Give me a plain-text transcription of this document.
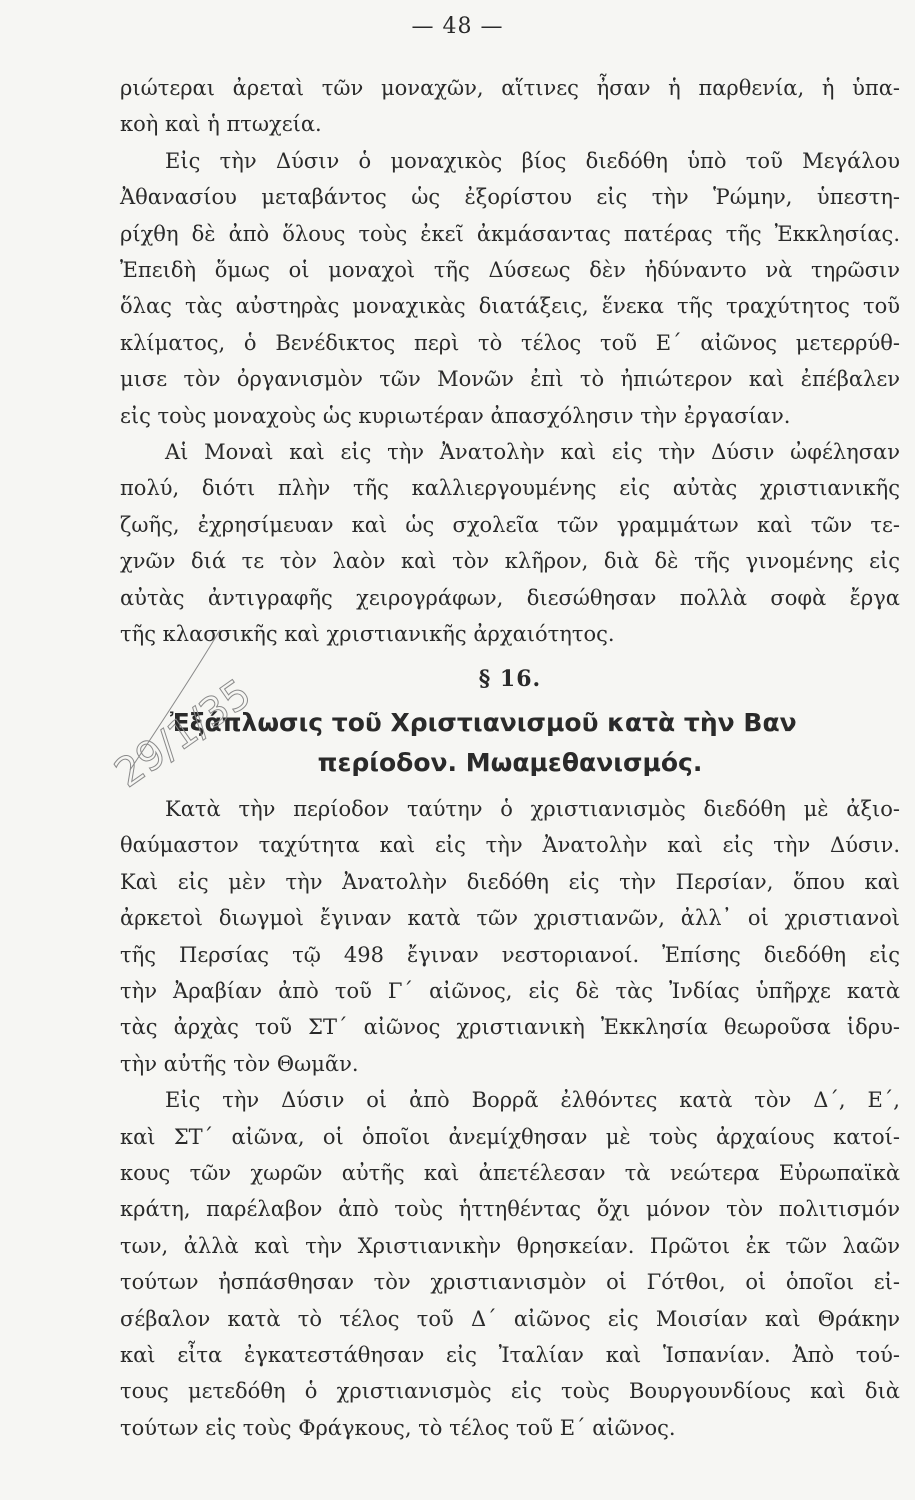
— 48 —
ριώτεραι ἀρεταὶ τῶν μοναχῶν, αἵτινες ἦσαν ἡ παρθενία, ἡ ὑπα-
κοὴ καὶ ἡ πτωχεία.
Εἰς τὴν Δύσιν ὁ μοναχικὸς βίος διεδόθη ὑπὸ τοῦ Μεγάλου
Ἀθανασίου μεταβάντος ὡς ἐξορίστου εἰς τὴν Ῥώμην, ὑπεστη-
ρίχθη δὲ ἀπὸ ὅλους τοὺς ἐκεῖ ἀκμάσαντας πατέρας τῆς Ἐκκλησίας.
Ἐπειδὴ ὅμως οἱ μοναχοὶ τῆς Δύσεως δὲν ἠδύναντο νὰ τηρῶσιν
ὅλας τὰς αὐστηρὰς μοναχικὰς διατάξεις, ἕνεκα τῆς τραχύτητος τοῦ
κλίματος, ὁ Βενέδικτος περὶ τὸ τέλος τοῦ Ε´ αἰῶνος μετερρύθ-
μισε τὸν ὀργανισμὸν τῶν Μονῶν ἐπὶ τὸ ἠπιώτερον καὶ ἐπέβαλεν
εἰς τοὺς μοναχοὺς ὡς κυριωτέραν ἀπασχόλησιν τὴν ἐργασίαν.
Αἱ Μοναὶ καὶ εἰς τὴν Ἀνατολὴν καὶ εἰς τὴν Δύσιν ὠφέλησαν
πολύ, διότι πλὴν τῆς καλλιεργουμένης εἰς αὐτὰς χριστιανικῆς
ζωῆς, ἐχρησίμευαν καὶ ὡς σχολεῖα τῶν γραμμάτων καὶ τῶν τε-
χνῶν διά τε τὸν λαὸν καὶ τὸν κλῆρον, διὰ δὲ τῆς γινομένης εἰς
αὐτὰς ἀντιγραφῆς χειρογράφων, διεσώθησαν πολλὰ σοφὰ ἔργα
τῆς κλασσικῆς καὶ χριστιανικῆς ἀρχαιότητος.
§ 16.
Ἐξάπλωσις τοῦ Χριστιανισμοῦ κατὰ τὴν Βαν
περίοδον. Μωαμεθανισμός.
Κατὰ τὴν περίοδον ταύτην ὁ χριστιανισμὸς διεδόθη μὲ ἀξιο-
θαύμαστον ταχύτητα καὶ εἰς τὴν Ἀνατολὴν καὶ εἰς τὴν Δύσιν.
Καὶ εἰς μὲν τὴν Ἀνατολὴν διεδόθη εἰς τὴν Περσίαν, ὅπου καὶ
ἀρκετοὶ διωγμοὶ ἔγιναν κατὰ τῶν χριστιανῶν, ἀλλ᾽ οἱ χριστιανοὶ
τῆς Περσίας τῷ 498 ἔγιναν νεστοριανοί. Ἐπίσης διεδόθη εἰς
τὴν Ἀραβίαν ἀπὸ τοῦ Γ´ αἰῶνος, εἰς δὲ τὰς Ἰνδίας ὑπῆρχε κατὰ
τὰς ἀρχὰς τοῦ ΣΤ´ αἰῶνος χριστιανικὴ Ἐκκλησία θεωροῦσα ἱδρυ-
τὴν αὐτῆς τὸν Θωμᾶν.
Εἰς τὴν Δύσιν οἱ ἀπὸ Βορρᾶ ἐλθόντες κατὰ τὸν Δ´, Ε´,
καὶ ΣΤ´ αἰῶνα, οἱ ὁποῖοι ἀνεμίχθησαν μὲ τοὺς ἀρχαίους κατοί-
κους τῶν χωρῶν αὐτῆς καὶ ἀπετέλεσαν τὰ νεώτερα Εὐρωπαϊκὰ
κράτη, παρέλαβον ἀπὸ τοὺς ἡττηθέντας ὄχι μόνον τὸν πολιτισμόν
των, ἀλλὰ καὶ τὴν Χριστιανικὴν θρησκείαν. Πρῶτοι ἐκ τῶν λαῶν
τούτων ἠσπάσθησαν τὸν χριστιανισμὸν οἱ Γότθοι, οἱ ὁποῖοι εἰ-
σέβαλον κατὰ τὸ τέλος τοῦ Δ´ αἰῶνος εἰς Μοισίαν καὶ Θράκην
καὶ εἶτα ἐγκατεστάθησαν εἰς Ἰταλίαν καὶ Ἱσπανίαν. Ἀπὸ τού-
τους μετεδόθη ὁ χριστιανισμὸς εἰς τοὺς Βουργουνδίους καὶ διὰ
τούτων εἰς τοὺς Φράγκους, τὸ τέλος τοῦ Ε´ αἰῶνος.
29/1/35
